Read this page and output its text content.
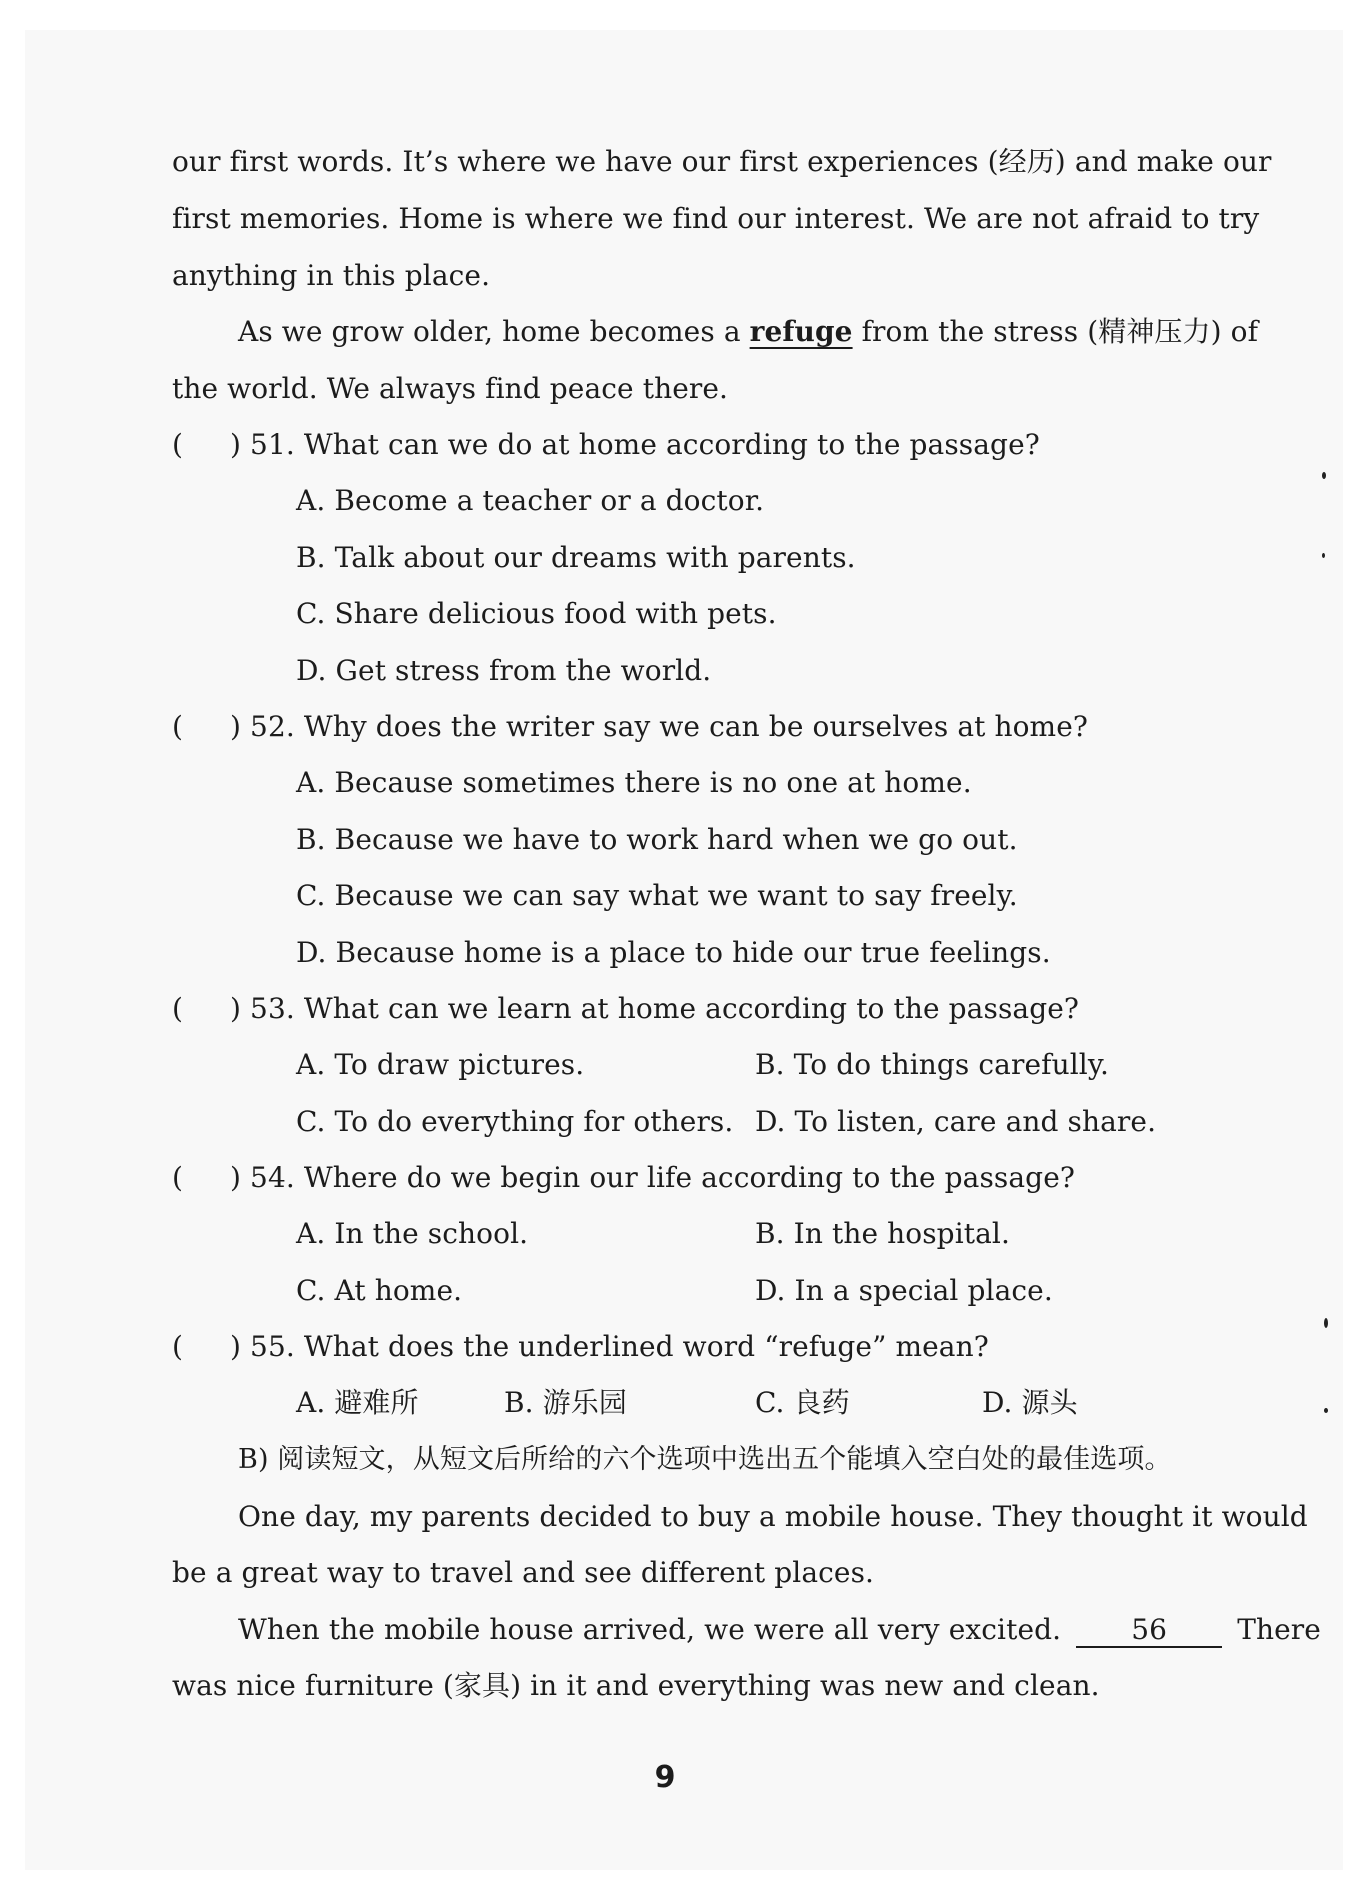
our first words. It’s where we have our first experiences (经历) and make our
first memories. Home is where we find our interest. We are not afraid to try
anything in this place.
As we grow older, home becomes a refuge from the stress (精神压力) of
the world. We always find peace there.
( ) 51. What can we do at home according to the passage?
A. Become a teacher or a doctor.
B. Talk about our dreams with parents.
C. Share delicious food with pets.
D. Get stress from the world.
( ) 52. Why does the writer say we can be ourselves at home?
A. Because sometimes there is no one at home.
B. Because we have to work hard when we go out.
C. Because we can say what we want to say freely.
D. Because home is a place to hide our true feelings.
( ) 53. What can we learn at home according to the passage?
A. To draw pictures.	B. To do things carefully.
C. To do everything for others. D. To listen, care and share.
( ) 54. Where do we begin our life according to the passage?
A. In the school.	B. In the hospital.
C. At home.	D. In a special place.
( ) 55. What does the underlined word “refuge” mean?
A. 避难所	B. 游乐园	C. 良药	D. 源头
B) 阅读短文，从短文后所给的六个选项中选出五个能填入空白处的最佳选项。
One day, my parents decided to buy a mobile house. They thought it would
be a great way to travel and see different places.
When the mobile house arrived, we were all very excited.	56	There
was nice furniture (家具) in it and everything was new and clean.
9
